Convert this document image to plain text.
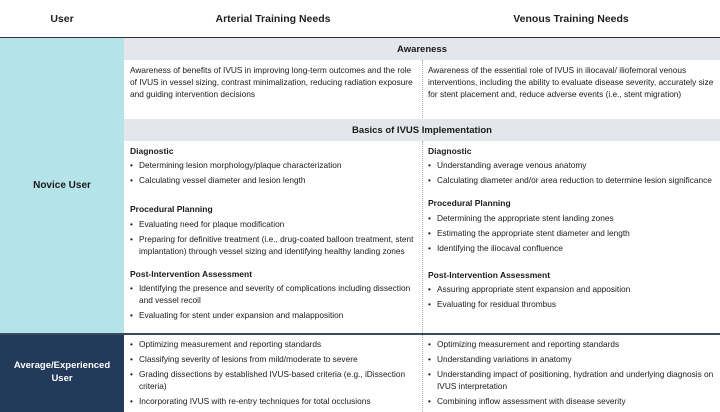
User	Arterial Training Needs	Venous Training Needs
Novice User
Average/Experienced User
Awareness
Awareness of benefits of IVUS in improving long-term outcomes and the role of IVUS in vessel sizing, contrast minimalization, reducing radiation exposure and guiding intervention decisions
Awareness of the essential role of IVUS in iliocaval/ iliofemoral venous interventions, including the ability to evaluate disease severity, accurately size for stent placement and, reduce adverse events (i.e., stent migration)
Basics of IVUS Implementation
Diagnostic
• Determining lesion morphology/plaque characterization
• Calculating vessel diameter and lesion length
Procedural Planning
• Evaluating need for plaque modification
• Preparing for definitive treatment (i.e., drug-coated balloon treatment, stent implantation) through vessel sizing and identifying healthy landing zones
Post-Intervention Assessment
• Identifying the presence and severity of complications including dissection and vessel recoil
• Evaluating for stent under expansion and malapposition
Diagnostic
• Understanding average venous anatomy
• Calculating diameter and/or area reduction to determine lesion significance
Procedural Planning
• Determining the appropriate stent landing zones
• Estimating the appropriate stent diameter and length
• Identifying the iliocaval confluence
Post-Intervention Assessment
• Assuring appropriate stent expansion and apposition
• Evaluating for residual thrombus
• Optimizing measurement and reporting standards
• Classifying severity of lesions from mild/moderate to severe
• Grading dissections by established IVUS-based criteria (e.g., iDissection criteria)
• Incorporating IVUS with re-entry techniques for total occlusions
• Optimizing measurement and reporting standards
• Understanding variations in anatomy
• Understanding impact of positioning, hydration and underlying diagnosis on IVUS interpretation
• Combining inflow assessment with disease severity
